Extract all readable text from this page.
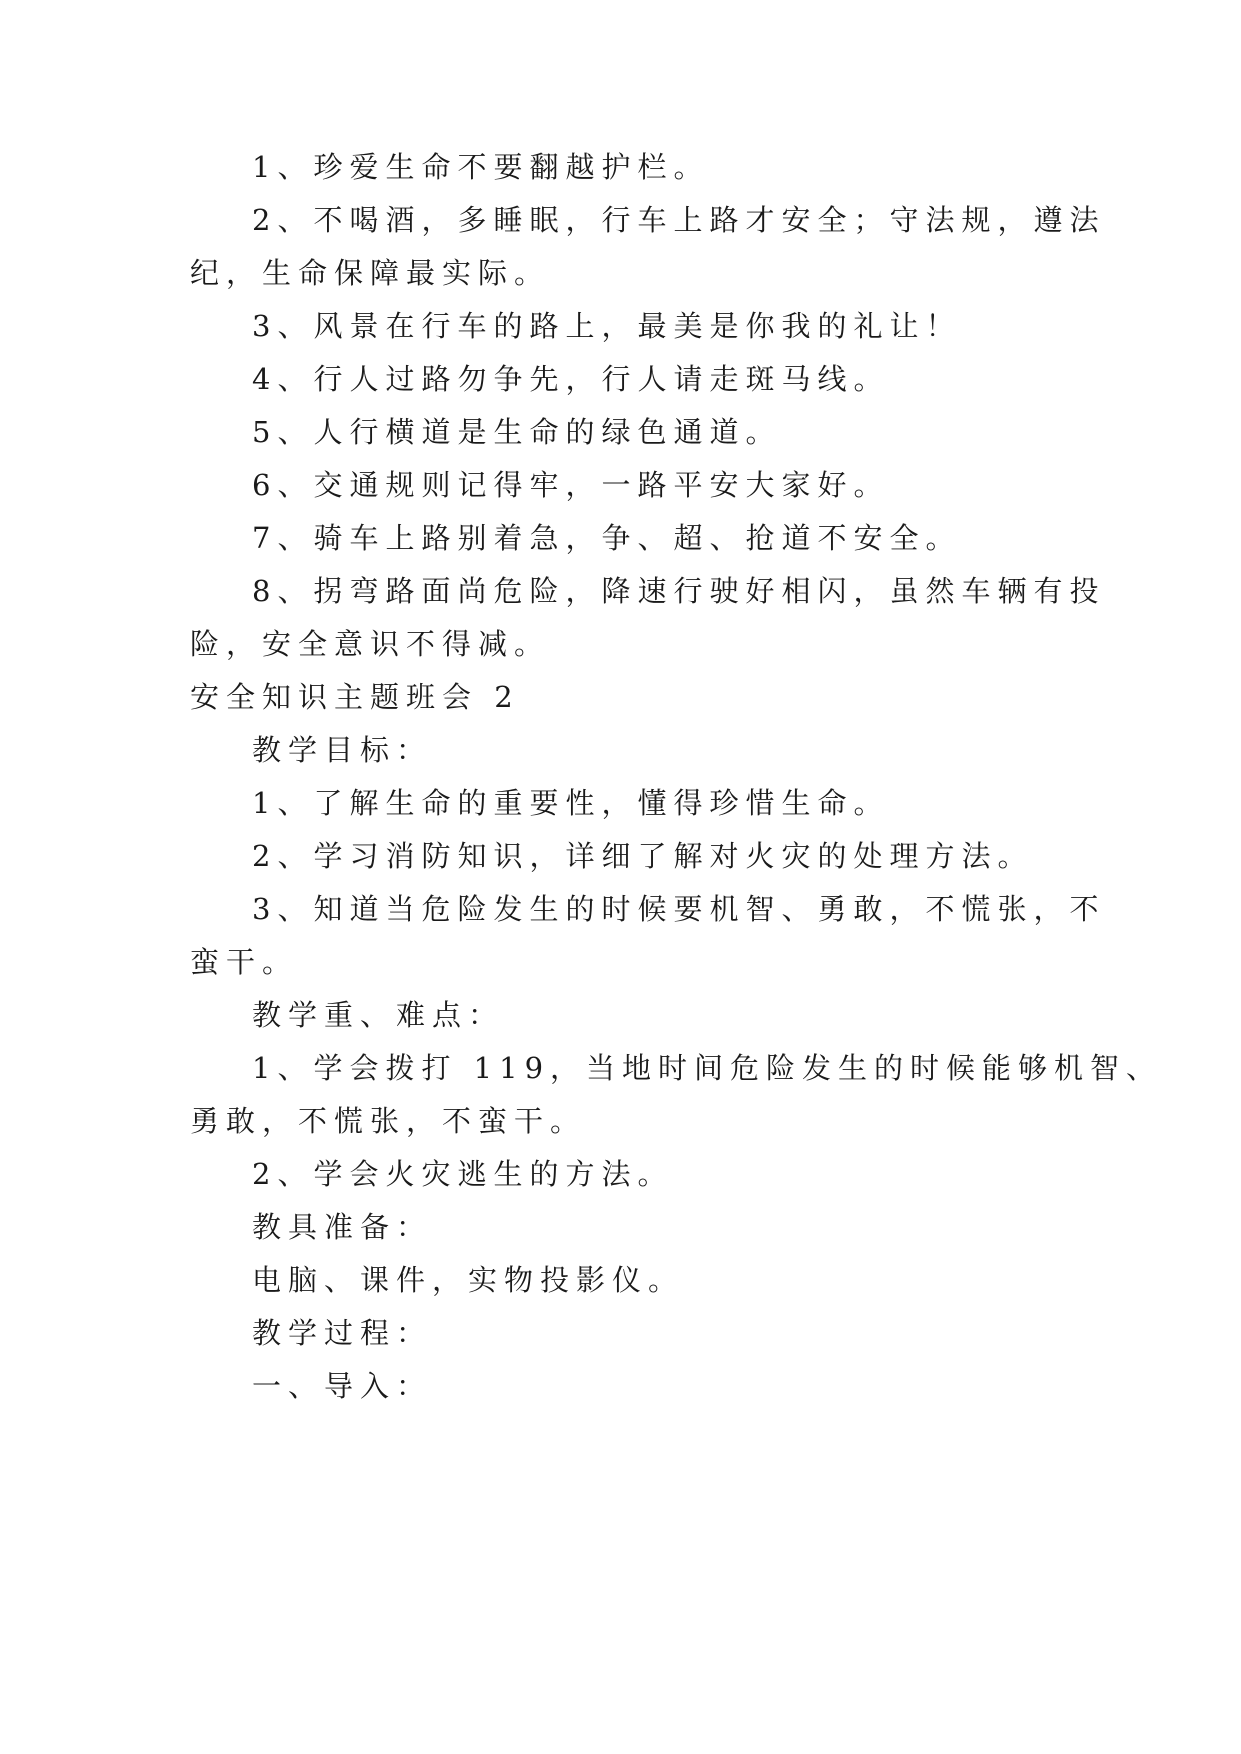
1、珍爱生命不要翻越护栏。
2、不喝酒，多睡眠，行车上路才安全；守法规，遵法
纪，生命保障最实际。
3、风景在行车的路上，最美是你我的礼让！
4、行人过路勿争先，行人请走斑马线。
5、人行横道是生命的绿色通道。
6、交通规则记得牢，一路平安大家好。
7、骑车上路别着急，争、超、抢道不安全。
8、拐弯路面尚危险，降速行驶好相闪，虽然车辆有投
险，安全意识不得减。
安全知识主题班会 2
教学目标：
1、了解生命的重要性，懂得珍惜生命。
2、学习消防知识，详细了解对火灾的处理方法。
3、知道当危险发生的时候要机智、勇敢，不慌张，不
蛮干。
教学重、难点：
1、学会拨打 119，当地时间危险发生的时候能够机智、
勇敢，不慌张，不蛮干。
2、学会火灾逃生的方法。
教具准备：
电脑、课件，实物投影仪。
教学过程：
一、导入：
